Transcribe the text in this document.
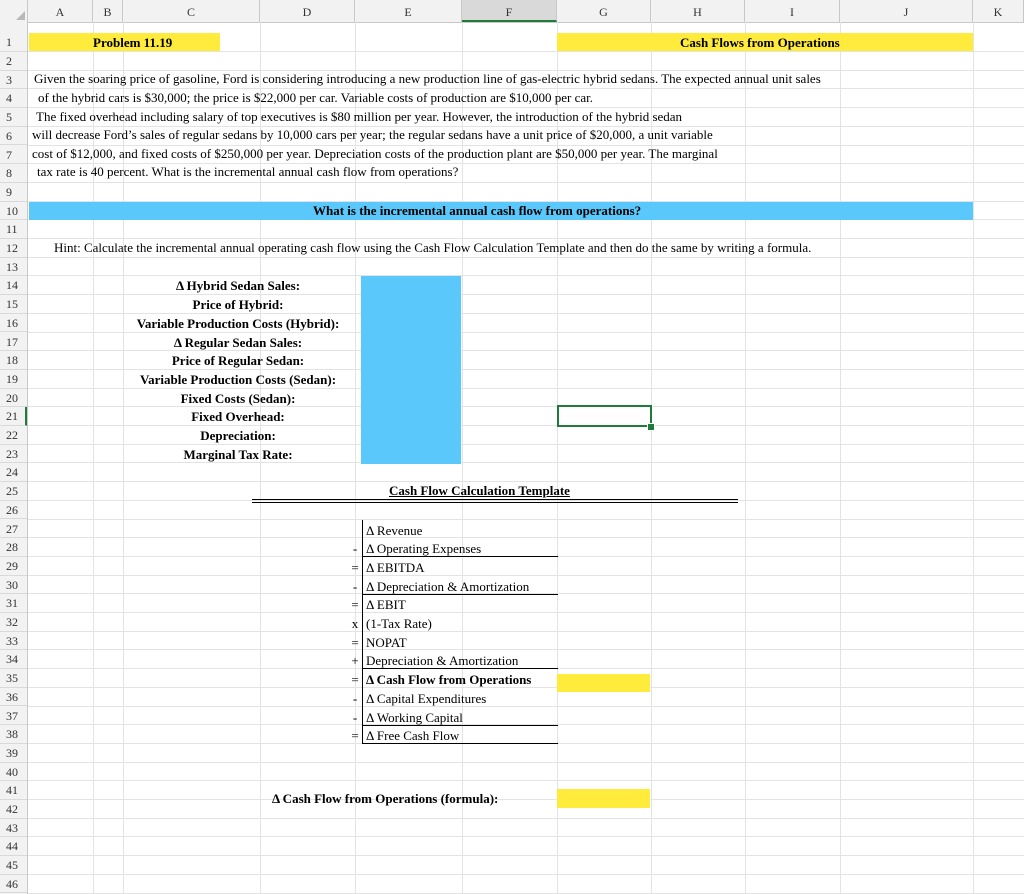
A	B	C	D	E	F	G	H	I	J	K
1
2
3
4
5
6
7
8
9
10
11
12
13
14
15
16
17
18
19
20
21
22
23
24
25
26
27
28
29
30
31
32
33
34
35
36
37
38
39
40
41
42
43
44
45
46
Problem 11.19	Cash Flows from Operations
Given the soaring price of gasoline, Ford is considering introducing a new production line of gas-electric hybrid sedans. The expected annual unit sales
of the hybrid cars is $30,000; the price is $22,000 per car. Variable costs of production are $10,000 per car.
The fixed overhead including salary of top executives is $80 million per year. However, the introduction of the hybrid sedan
will decrease Ford’s sales of regular sedans by 10,000 cars per year; the regular sedans have a unit price of $20,000, a unit variable
cost of $12,000, and fixed costs of $250,000 per year. Depreciation costs of the production plant are $50,000 per year. The marginal
tax rate is 40 percent. What is the incremental annual cash flow from operations?
What is the incremental annual cash flow from operations?
Hint: Calculate the incremental annual operating cash flow using the Cash Flow Calculation Template and then do the same by writing a formula.
Δ Hybrid Sedan Sales:
Price of Hybrid:
Variable Production Costs (Hybrid):
Δ Regular Sedan Sales:
Price of Regular Sedan:
Variable Production Costs (Sedan):
Fixed Costs (Sedan):
Fixed Overhead:
Depreciation:
Marginal Tax Rate:
Cash Flow Calculation Template
Δ Revenue
- Δ Operating Expenses
= Δ EBITDA
- Δ Depreciation & Amortization
= Δ EBIT
x (1-Tax Rate)
= NOPAT
+ Depreciation & Amortization
= Δ Cash Flow from Operations
- Δ Capital Expenditures
- Δ Working Capital
= Δ Free Cash Flow
Δ Cash Flow from Operations (formula):
